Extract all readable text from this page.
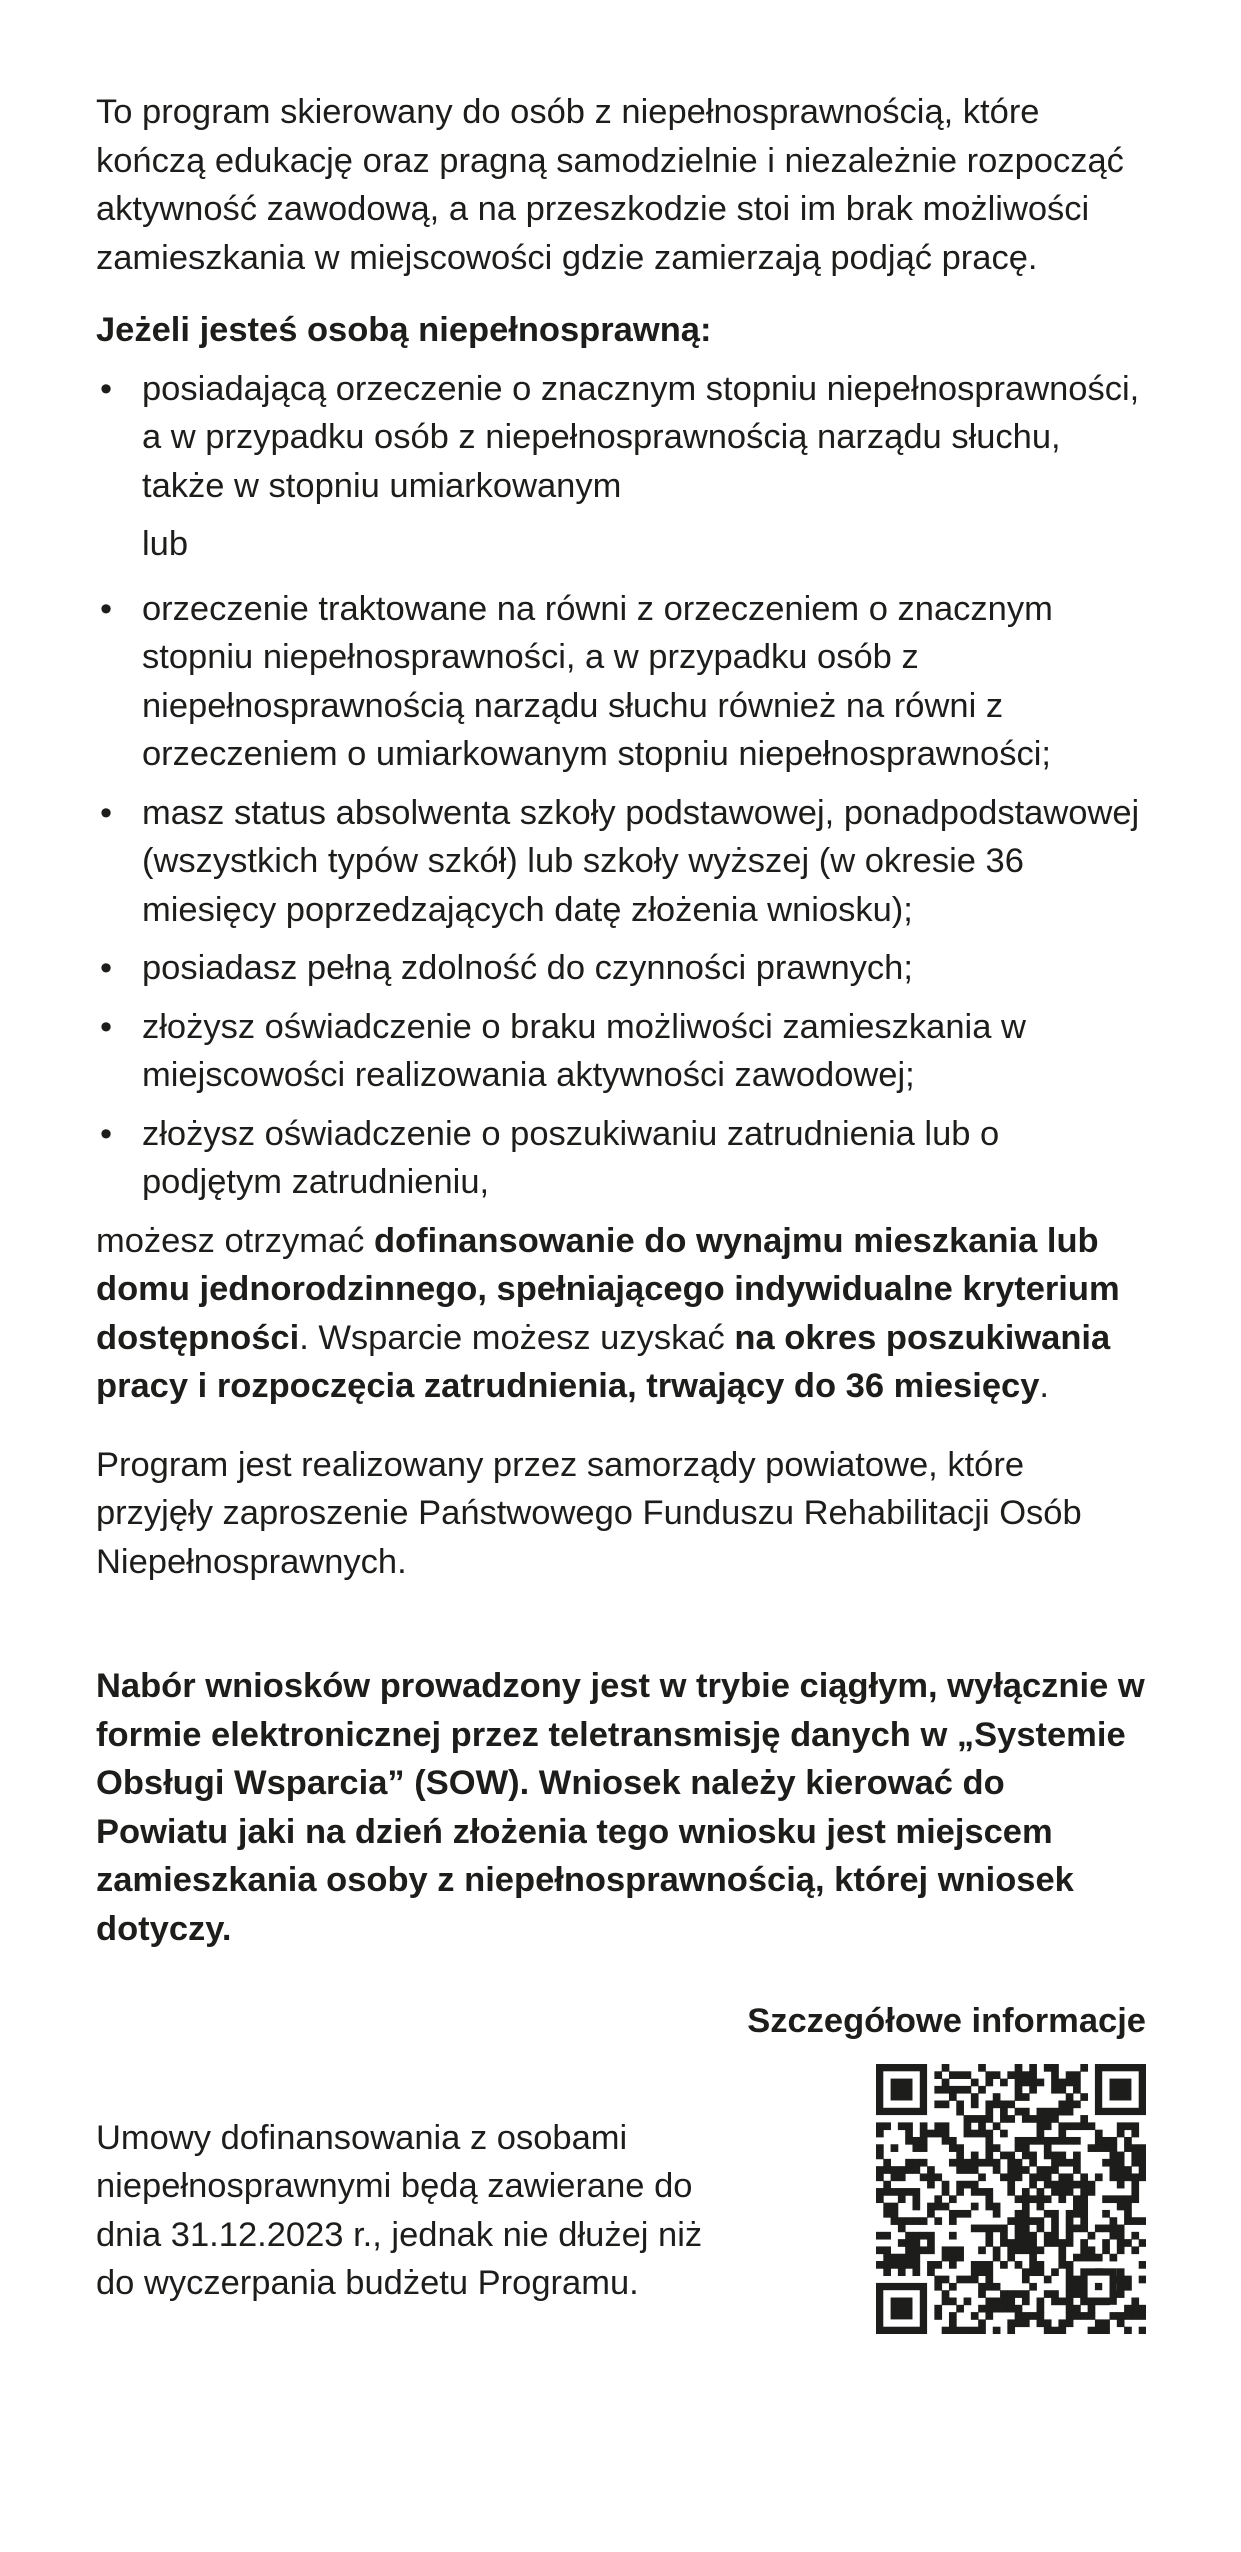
To program skierowany do osób z niepełnosprawnością, które kończą edukację oraz pragną samodzielnie i niezależnie rozpocząć aktywność zawodową, a na przeszkodzie stoi im brak możliwości zamieszkania w miejscowości gdzie zamierzają podjąć pracę.

Jeżeli jesteś osobą niepełnosprawną:

• posiadającą orzeczenie o znacznym stopniu niepełnosprawności, a w przypadku osób z niepełnosprawnością narządu słuchu, także w stopniu umiarkowanym
lub
• orzeczenie traktowane na równi z orzeczeniem o znacznym stopniu niepełnosprawności, a w przypadku osób z niepełnosprawnością narządu słuchu również na równi z orzeczeniem o umiarkowanym stopniu niepełnosprawności;
• masz status absolwenta szkoły podstawowej, ponadpodstawowej (wszystkich typów szkół) lub szkoły wyższej (w okresie 36 miesięcy poprzedzających datę złożenia wniosku);
• posiadasz pełną zdolność do czynności prawnych;
• złożysz oświadczenie o braku możliwości zamieszkania w miejscowości realizowania aktywności zawodowej;
• złożysz oświadczenie o poszukiwaniu zatrudnienia lub o podjętym zatrudnieniu,

możesz otrzymać dofinansowanie do wynajmu mieszkania lub domu jednorodzinnego, spełniającego indywidualne kryterium dostępności. Wsparcie możesz uzyskać na okres poszukiwania pracy i rozpoczęcia zatrudnienia, trwający do 36 miesięcy.

Program jest realizowany przez samorządy powiatowe, które przyjęły zaproszenie Państwowego Funduszu Rehabilitacji Osób Niepełnosprawnych.

Nabór wniosków prowadzony jest w trybie ciągłym, wyłącznie w formie elektronicznej przez teletransmisję danych w „Systemie Obsługi Wsparcia” (SOW). Wniosek należy kierować do Powiatu jaki na dzień złożenia tego wniosku jest miejscem zamieszkania osoby z niepełnosprawnością, której wniosek dotyczy.

Szczegółowe informacje

Umowy dofinansowania z osobami niepełnosprawnymi będą zawierane do dnia 31.12.2023 r., jednak nie dłużej niż do wyczerpania budżetu Programu.
